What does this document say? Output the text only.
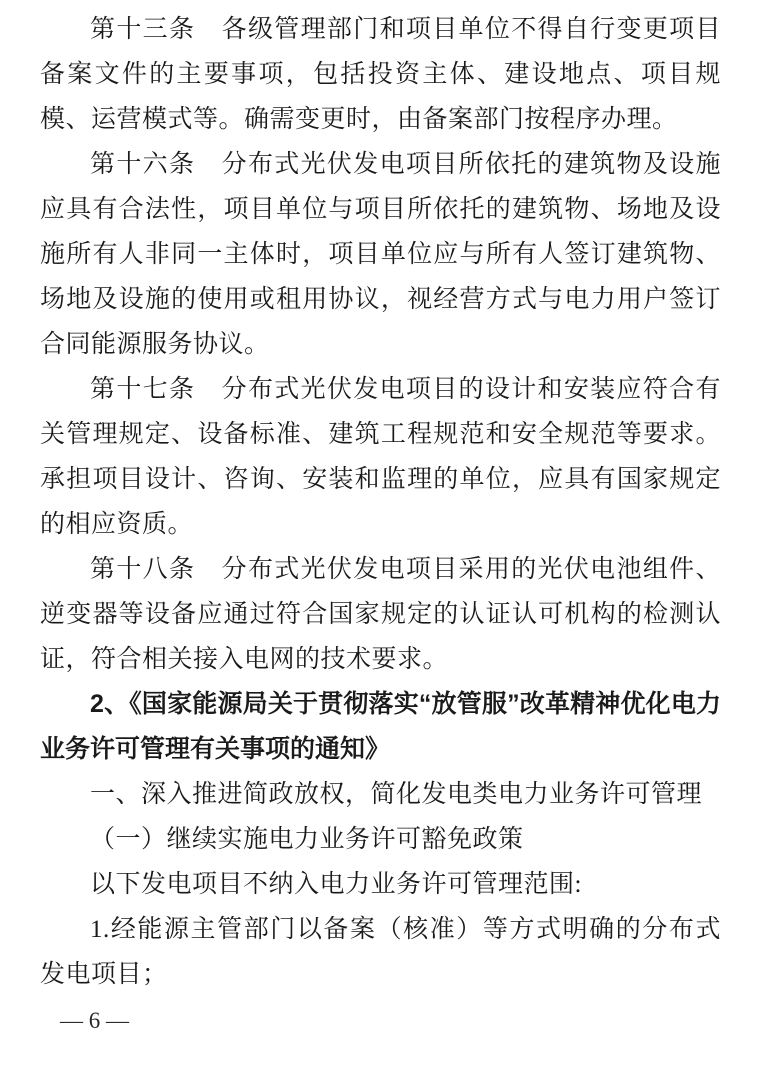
第十三条　各级管理部门和项目单位不得自行变更项目备案文件的主要事项，包括投资主体、建设地点、项目规模、运营模式等。确需变更时，由备案部门按程序办理。

第十六条　分布式光伏发电项目所依托的建筑物及设施应具有合法性，项目单位与项目所依托的建筑物、场地及设施所有人非同一主体时，项目单位应与所有人签订建筑物、场地及设施的使用或租用协议，视经营方式与电力用户签订合同能源服务协议。

第十七条　分布式光伏发电项目的设计和安装应符合有关管理规定、设备标准、建筑工程规范和安全规范等要求。承担项目设计、咨询、安装和监理的单位，应具有国家规定的相应资质。

第十八条　分布式光伏发电项目采用的光伏电池组件、逆变器等设备应通过符合国家规定的认证认可机构的检测认证，符合相关接入电网的技术要求。

2、《国家能源局关于贯彻落实“放管服”改革精神优化电力业务许可管理有关事项的通知》

一、深入推进简政放权，简化发电类电力业务许可管理

（一）继续实施电力业务许可豁免政策

以下发电项目不纳入电力业务许可管理范围:

1.经能源主管部门以备案（核准）等方式明确的分布式发电项目；

— 6 —
